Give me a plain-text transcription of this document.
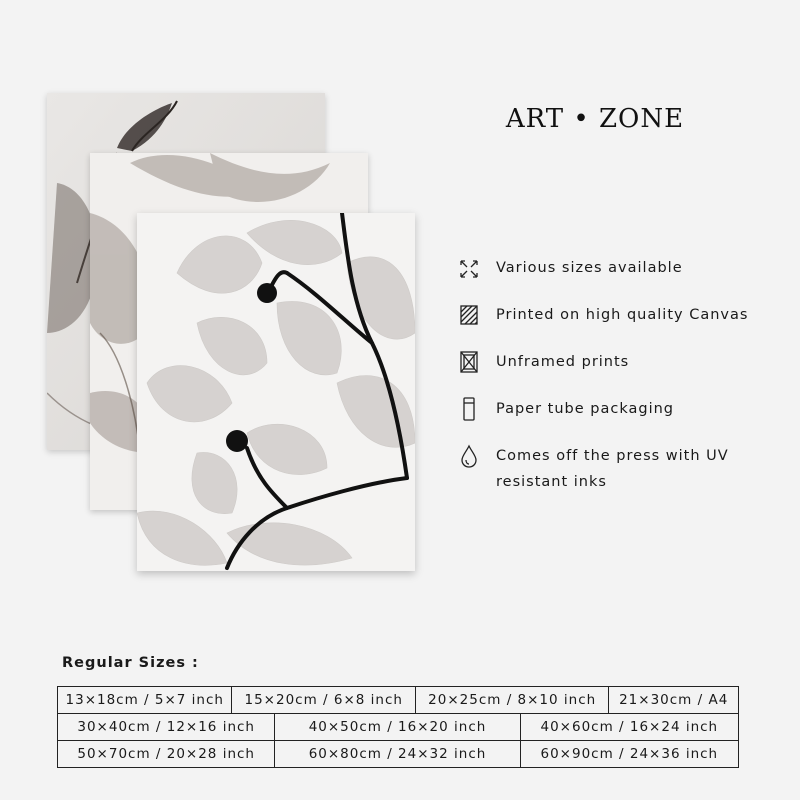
ART • ZONE
Various sizes available
Printed on high quality Canvas
Unframed prints
Paper tube packaging
Comes off the press with UV resistant inks
Regular Sizes :
13×18cm / 5×7 inch	15×20cm / 6×8 inch	20×25cm / 8×10 inch	21×30cm / A4
30×40cm / 12×16 inch	40×50cm / 16×20 inch	40×60cm / 16×24 inch
50×70cm / 20×28 inch	60×80cm / 24×32 inch	60×90cm / 24×36 inch
